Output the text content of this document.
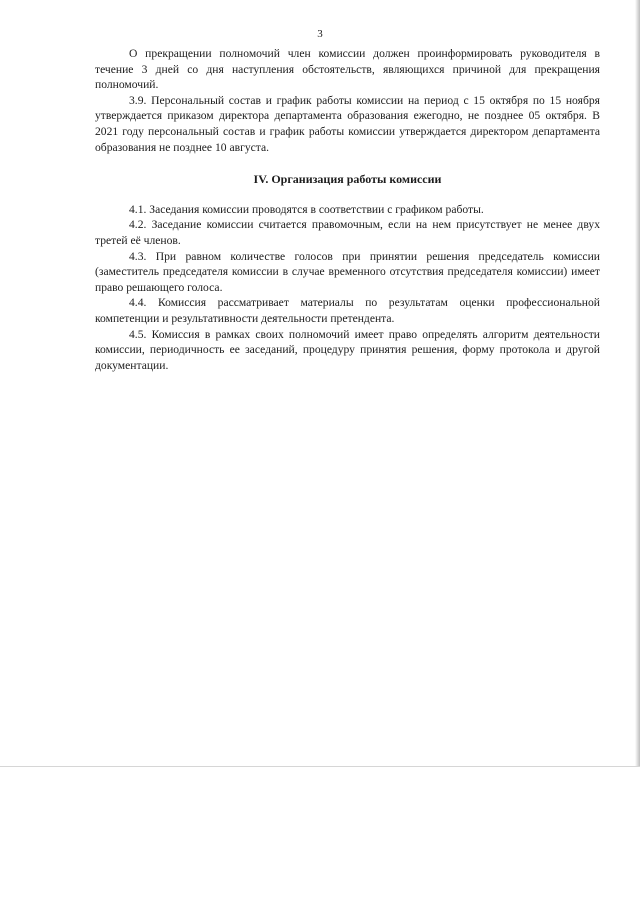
3

О прекращении полномочий член комиссии должен проинформировать руководителя в течение 3 дней со дня наступления обстоятельств, являющихся причиной для прекращения полномочий.

3.9. Персональный состав и график работы комиссии на период с 15 октября по 15 ноября утверждается приказом директора департамента образования ежегодно, не позднее 05 октября. В 2021 году персональный состав и график работы комиссии утверждается директором департамента образования не позднее 10 августа.

IV. Организация работы комиссии

4.1. Заседания комиссии проводятся в соответствии с графиком работы.

4.2. Заседание комиссии считается правомочным, если на нем присутствует не менее двух третей её членов.

4.3. При равном количестве голосов при принятии решения председатель комиссии (заместитель председателя комиссии в случае временного отсутствия председателя комиссии) имеет право решающего голоса.

4.4. Комиссия рассматривает материалы по результатам оценки профессиональной компетенции и результативности деятельности претендента.

4.5. Комиссия в рамках своих полномочий имеет право определять алгоритм деятельности комиссии, периодичность ее заседаний, процедуру принятия решения, форму протокола и другой документации.
